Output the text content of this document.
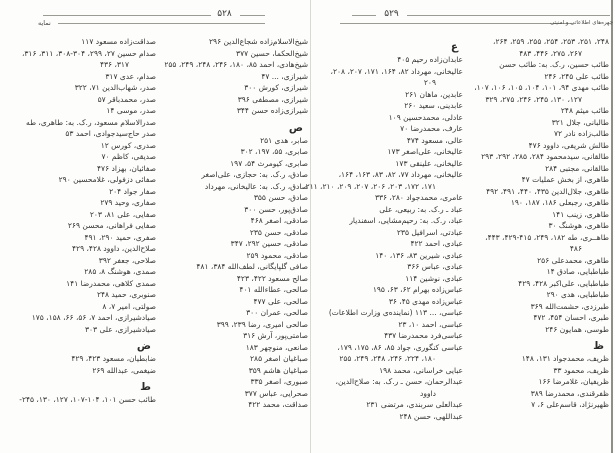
۵۲۸
نمايه
۵۲۹
چهره‌های اطلاعاتی و امنیتی
صداقت‌زاده مسعود ۱۱۷
صدام حسین ۲۷، ۲۹۹، ۳۰۴-۳۰۸، ۳۱۱، ۳۱۶،
۳۱۷، ۴۳۶
صدام، عدی ۳۱۷
صدر، شهاب‌الدین ۷۱، ۳۲۲
صدر، محمدباقر ۵۷
صدر، موسی ۱۴
صدرالاسلام مسعود، ر.ک. به: طاهری، طه
صدر حاج‌سیدجوادی، احمد ۵۳
صدری، کورس ۱۲
صدیقی، کاظم ۷۰
صفائیان، بهزاد ۴۷۶
صفائی دزفولی، غلامحسین ۲۹۰
صفار جواد ۲۰۴
صفاری، وحید ۲۷۹
صفایی، علی ۸۱، ۲۰۳
صفایی فراهانی، محسن ۲۶۹
صفری، حمید ۲۹۰، ۴۹۱
صلاح‌الدین، داوود ۴۲۸، ۴۲۹
صلاحی، جعفر ۳۹۲
صمدی، هوشنگ ۸، ۲۸۵
صمدی کلاهی، محمدرضا ۱۴۱
صنوبری، حمید ۲۴۸
صولتی، امیر ۷، ۸
صیادشیرازی، احمد ۷، ۵۶، ۶۶، ۱۵۸، ۱۷۵
صیادشیرازی، علی ۳۰۳
ض
ضابطیان، مسعود ۴۲۳، ۴۲۹
ضیغمی، عبدالله ۲۶۹
ط
طائب حسن ۱۰۱، ۱۰۴-۱۰۷، ۱۲۷، ۱۳۰، ۲۴۵-
شیخ‌الاسلام‌زاده شجاع‌الدین ۲۹۶
شیخ‌الحکما، حسین ۳۷۷
شیخ‌هادی، احمد ۸۵، ۱۸۰، ۲۴۶، ۲۴۸، ۲۴۹، ۲۵۵
شیرازی، ... ۴۷
شیرازی، کورش ۳۰۰
شیرازی، مصطفی ۳۹۶
شیرازی‌زاده حسن ۳۴۴
ص
صابر، هدی ۲۵۱
صابری، ۵۵، ۱۹۷، ۳۰۲
صابری، کیومرث ۵۴، ۱۹۷
صادق، ر.ک. به: حجازی، علی‌اصغر
صادق، ر.ک. به: عالیخانی، مهرداد
صادق، حسن ۳۵۵
صادق‌پور، حسن ۳۰۰
صادقی، اصغر ۴۶۸
صادقی، حسن ۲۳۵
صادقی، حسین ۲۹۲، ۳۴۷
صادقی، محمود ۲۵۹
صافی گلپایگانی، لطف‌الله ۳۸۴، ۴۸۱
صالح مسعود ۴۲۲، ۴۲۳
صالحی، عطاءالله ۴۰۱
صالحی، علی ۴۷۷
صالحی، عمران ۳۰۰
صالحی امیری، رضا ۲۳۹، ۳۹۹
صامتی‌پور، آرش ۳۱۶
صانعی، منوچهر ۱۸۳
صباغیان اصغر ۲۸۵
صباغیان هاشم ۳۵۹
صبوری، اصغر ۳۳۵
صحرایی، عباس ۳۷۷
صداقت، محمد ۴۲۲
ع
عابدان‌زاده رحیم ۴۰۵
عالیخانی، مهرداد ۸۲، ۱۶۴، ۱۷۱، ۲۰۷، ۲۰۸،
۲۰۹
عابدین، ماهان ۲۶۱
عابدینی، سعید ۲۶۰
عادلی، محمدحسین ۱۰۹
عارف، محمدرضا ۷۰
عالی، مسعود ۴۷۴
عالیخانی، علی‌اصغر ۱۷۳
عالیخانی، علینقی ۱۷۳
عالیخانی، مهرداد ۷۷، ۸۲، ۸۳، ۱۶۳، ۱۶۴،
۱۷۱، ۱۷۲، ۲۰۳، ۲۰۶، ۲۰۷، ۲۰۹، ۲۱۰، ۲۱۱
عامری، محمدجواد ۲۸۰، ۳۳۶
عباد ـ ر.ک. به: ربیعی، علی
عباد، ر.ک. به: رحیم‌مشایی، اسفندیار
عبادتی، اسرافیل ۲۳۵
عبادی، احمد ۴۲۲
عبادی، شیرین ۸۳، ۱۳۶، ۱۴۰
عبادی، عباس ۳۶۶
عبادی، نوشین ۱۱۴
عباس‌زاده بهرام ۶۲، ۶۳، ۱۹۵
عباس‌زاده مهدی ۴۵، ۳۶
عباسی، ... ۱۱۳ (نماینده‌ی وزارت اطلاعات)
عباسی، احمد ۱۰، ۲۳
عباسی‌فرد محمدرضا ۴۳۷
عباسی کنگوری، جواد ۸۵، ۸۶، ۱۷۵، ۱۷۹،
۱۸۰، ۲۲۴، ۲۴۶، ۲۴۸، ۲۴۹، ۲۵۵
عبایی خراسانی، محمد ۱۹۸
عبدالرحمان، حسن ـ ر.ک. به: صلاح‌الدین،
داوود
عبدالعلی سربندی، مرتضی ۲۳۱
عبداللهی، حسن ۲۴۸
۲۴۸، ۲۵۱، ۲۵۳، ۲۵۴، ۲۵۵، ۲۵۹، ۲۶۴،
۲۶۷، ۲۷۵، ۴۴۶، ۴۸۳
طائب حسین، ر.ک. به: طائب حسن
طائب علی ۲۴۵، ۲۴۶
طائب مهدی ۹۴، ۱۰۱، ۱۰۴، ۱۰۵، ۱۰۶، ۱۰۷،
۱۲۷، ۱۳۰، ۲۴۵، ۲۴۶، ۲۷۵، ۳۲۹
طائب میثم ۲۴۸
طالبانی، جلال ۳۲۱
طالب‌زاده نادر ۷۲
طالش شریفی، داوود ۴۷۶
طالقانی، سیدمحمود ۲۸۴، ۲۸۵، ۲۹۲، ۲۹۳
طالقانی، مجتبی ۲۸۴
طاهری، از بخش عملیات ۴۷
طاهری، جلال‌الدین ۴۳۵، ۴۴۰، ۴۹۱، ۴۹۲
طاهری، رجبعلی ۱۸۶، ۱۸۷، ۱۹۰
طاهری، زینب ۱۴۱
طاهری، هوشنگ ۳۰
طاهــری، طه ۱۸۲، ۲۴۹، ۴۱۵-۴۲۹، ۴۴۳،
۴۸۶
طاهری، محمدعلی ۲۵۶
طباطبایی، صادق ۱۴
طباطبایی، علی‌اکبر ۴۲۸، ۴۲۹
طباطبایی، هدی ۲۹۰
طبرزدی، حشمت‌الله ۳۶۹
طبری، احسان ۴۵۴، ۴۷۲
طوسی، همایون ۲۴۶
ظ
ظریف، محمدجواد ۱۳۱، ۱۴۸
ظریف، محمود ۳۳
ظریفیان، غلامرضا ۱۶۶
ظفرقندی، محمدرضا ۳۸۹
ظهیرنژاد، قاسم‌علی ۶، ۷
